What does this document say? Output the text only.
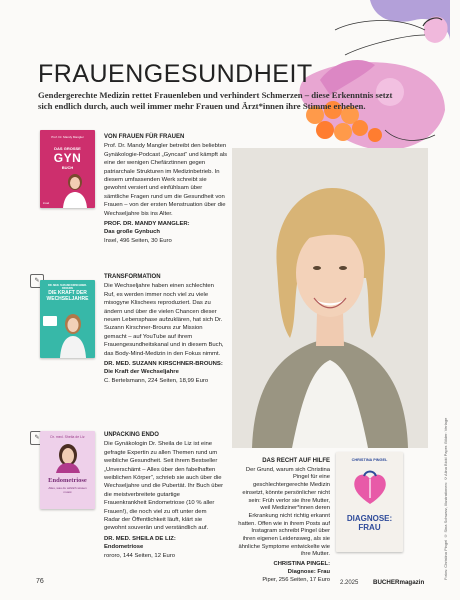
FRAUENGESUNDHEIT
Gendergerechte Medizin rettet Frauenleben und verhindert Schmerzen – diese Erkenntnis setzt sich endlich durch, auch weil immer mehr Frauen und Ärzt*innen ihre Stimme erheben.
Prof. Dr. Mandy Mangler
DAS GROSSE
GYN
BUCH
insel
VON FRAUEN FÜR FRAUEN
Prof. Dr. Mandy Mangler betreibt den beliebten Gynäkologie-Podcast „Gyncast“ und kämpft als eine der wenigen Chefärztinnen gegen patriarchale Strukturen im Medizinbetrieb. In diesem umfassenden Werk schreibt sie gewohnt versiert und einfühlsam über sämtliche Fragen rund um die Gesundheit von Frauen – von der ersten Menstruation über die Wechseljahre bis ins Alter.
PROF. DR. MANDY MANGLER:
Das große Gynbuch
Insel, 496 Seiten, 30 Euro
✎
DR. MED. SUZANN KIRSCHNER-BROUNS
DIE KRAFT DER WECHSELJAHRE
TRANSFORMATION
Die Wechseljahre haben einen schlechten Ruf, es werden immer noch viel zu viele misogyne Klischees reproduziert. Das zu ändern und über die vielen Chancen dieser neuen Lebensphase aufzuklären, hat sich Dr. Suzann Kirschner-Brouns zur Mission gemacht – auf YouTube auf ihrem Frauengesundheitskanal und in diesem Buch, das Body-Mind-Medizin in den Fokus nimmt.
DR. MED. SUZANN KIRSCHNER-BROUNS: Die Kraft der Wechseljahre
C. Bertelsmann, 224 Seiten, 18,99 Euro
✎	Dr. med. Sheila de Liz
Endometriose
Alles, was du wirklich wissen musst
UNPACKING ENDO
Die Gynäkologin Dr. Sheila de Liz ist eine gefragte Expertin zu allen Themen rund um weibliche Gesundheit. Seit ihrem Bestseller „Unverschämt – Alles über den fabelhaften weiblichen Körper“, schrieb sie auch über die Wechseljahre und die Pubertät. Ihr Buch über die meistverbreitete gutartige Frauenkrankheit Endometriose (10 % aller Frauen!), die noch viel zu oft unter dem Radar der Öffentlichkeit läuft, klärt sie gewohnt souverän und verständlich auf.
DR. MED. SHEILA DE LIZ:
Endometriose
rororo, 144 Seiten, 12 Euro
DAS RECHT AUF HILFE
Der Grund, warum sich Christina Pingel für eine geschlechtergerechte Medizin einsetzt, könnte persönlicher nicht sein: Früh verlor sie ihre Mutter, weil Mediziner*innen deren Erkrankung nicht richtig erkannt hatten. Offen wie in ihrem Posts auf Instagram schreibt Pingel über ihren eigenen Leidensweg, als sie ähnliche Symptome entwickelte wie ihre Mutter.
CHRISTINA PINGEL:
Diagnose: Frau
Piper, 256 Seiten, 17 Euro
CHRISTINA PINGEL
DIAGNOSE: FRAU
76	2.2025 BUCHERmagazin
Fotos: Christina Pingel © Sina Schwarz, Illustrationen: ©Alina Bickl Paper. Bilder: Verlage
